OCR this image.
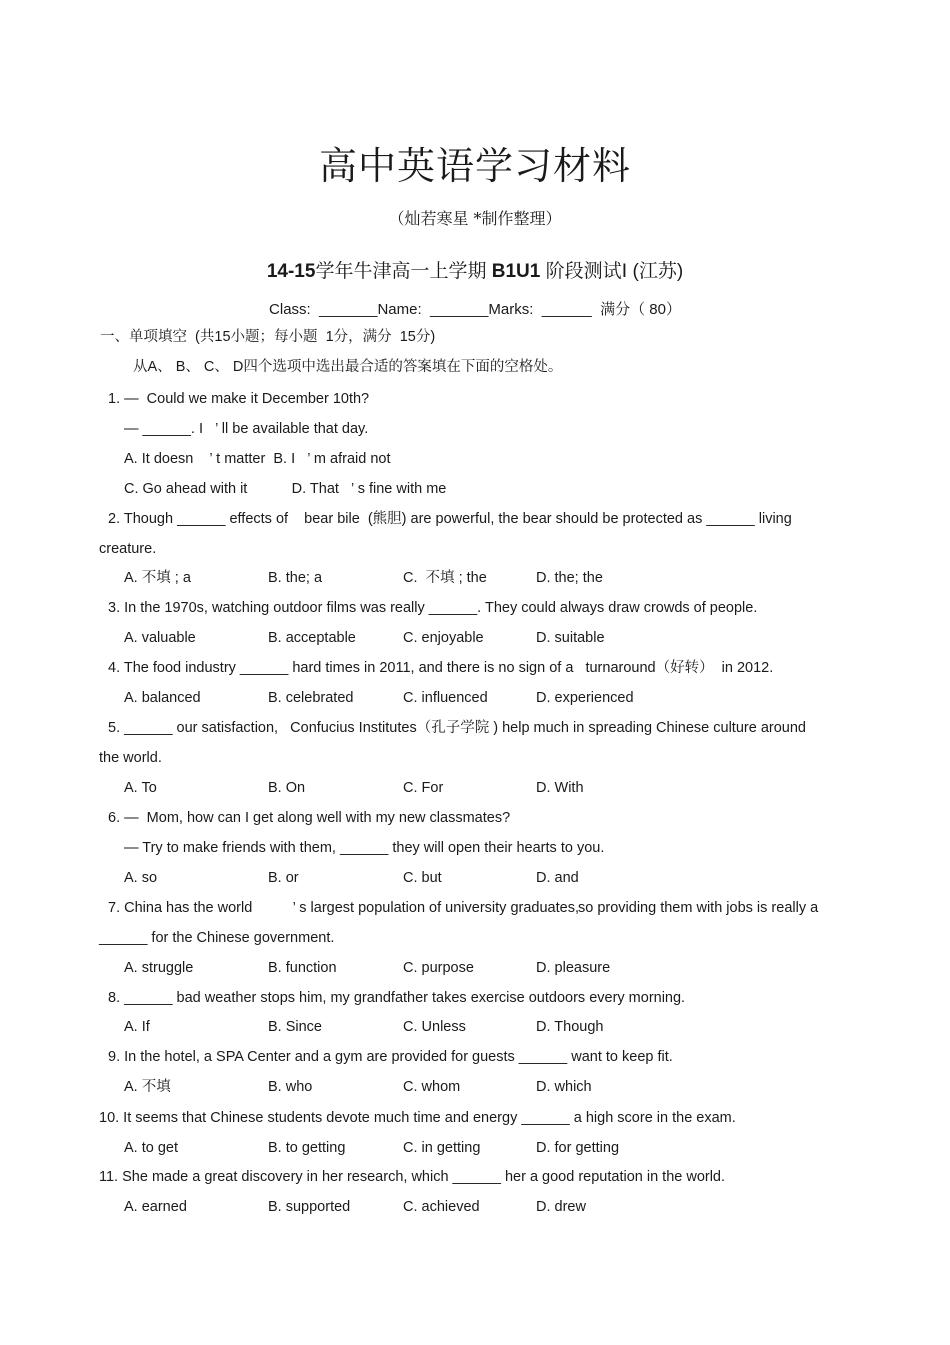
高中英语学习材料
（灿若寒星 *制作整理）
14-15学年牛津高一上学期 B1U1 阶段测试Ⅰ (江苏)
Class:  _______Name:  _______Marks:  ______  满分（ 80）
一、单项填空  (共15小题；每小题  1分，满分  15分)
从A、 B、 C、 D四个选项中选出最合适的答案填在下面的空格处。
1. —  Could we make it December 10th?
— ______. I   ’ ll be available that day.
A. It doesn    ’ t matter  B. I   ’ m afraid not
C. Go ahead with it           D. That   ’ s fine with me
2. Though ______ effects of    bear bile  (熊胆) are powerful, the bear should be protected as ______ living
creature.
A. 不填 ; a	B. the; a	C.  不填 ; the	D. the; the
3. In the 1970s, watching outdoor films was really ______. They could always draw crowds of people.
A. valuable	B. acceptable	C. enjoyable	D. suitable
4. The food industry ______ hard times in 2011, and there is no sign of a   turnaround（好转）  in 2012.
A. balanced	B. celebrated	C. influenced	D. experienced
5. ______ our satisfaction,   Confucius Institutes（孔子学院 ) help much in spreading Chinese culture around
the world.
A. To	B. On	C. For	D. With
6. —  Mom, how can I get along well with my new classmates?
— Try to make friends with them, ______ they will open their hearts to you.
A. so	B. or	C. but	D. and
7. China has the world          ’ s largest population of university graduates, so providing them with jobs is really a
______ for the Chinese government.
A. struggle	B. function	C. purpose	D. pleasure
8. ______ bad weather stops him, my grandfather takes exercise outdoors every morning.
A. If	B. Since	C. Unless	D. Though
9. In the hotel, a SPA Center and a gym are provided for guests ______ want to keep fit.
A. 不填	B. who	C. whom	D. which
10. It seems that Chinese students devote much time and energy ______ a high score in the exam.
A. to get	B. to getting	C. in getting	D. for getting
11. She made a great discovery in her research, which ______ her a good reputation in the world.
A. earned	B. supported	C. achieved	D. drew
